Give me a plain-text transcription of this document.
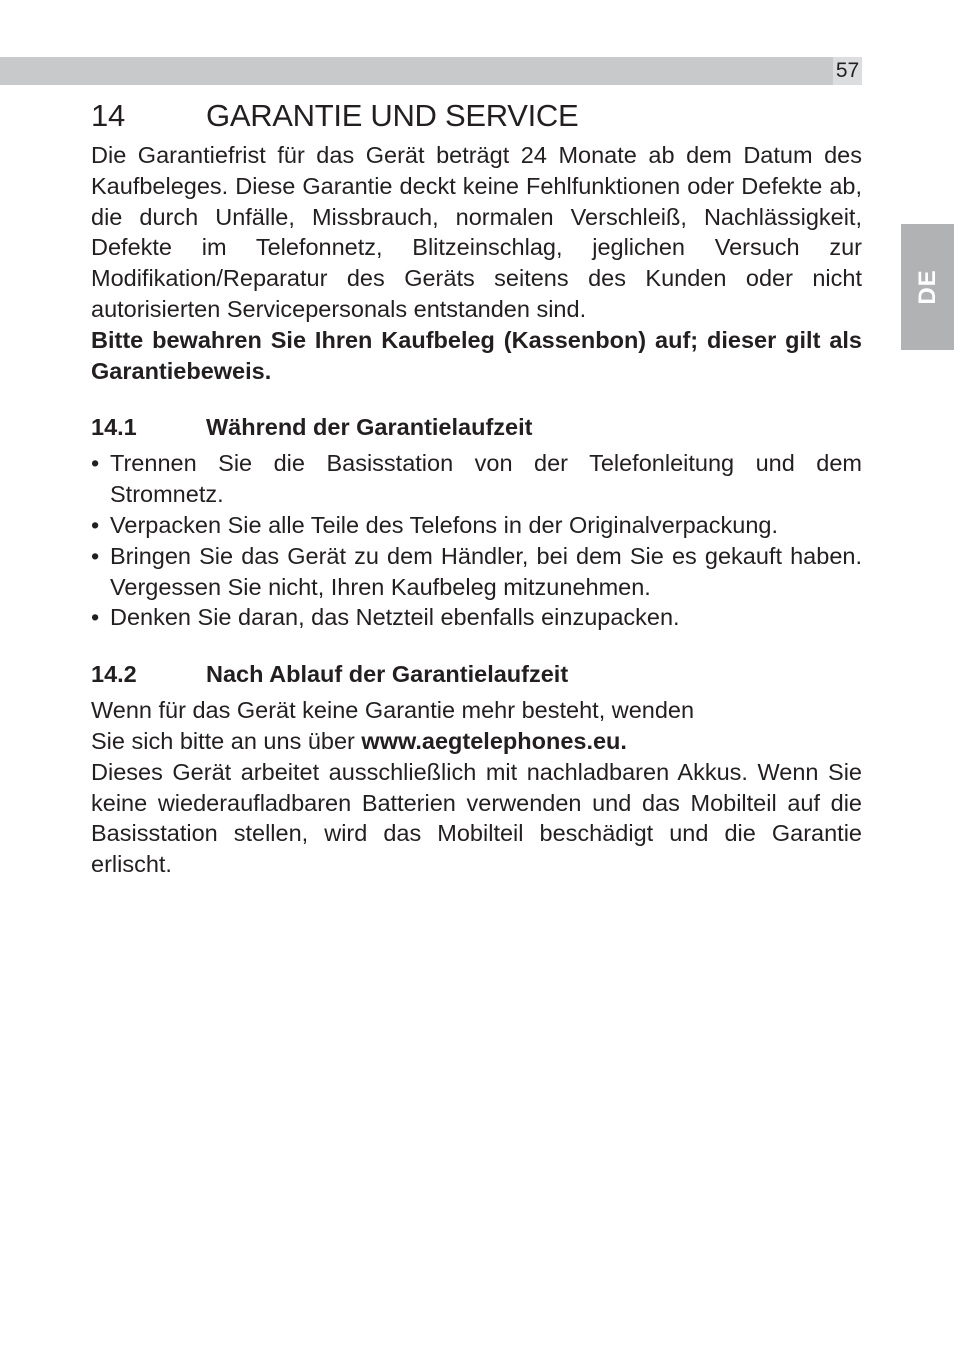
57
DE
14	GARANTIE UND SERVICE

Die Garantiefrist für das Gerät beträgt 24 Monate ab dem Datum des Kaufbeleges. Diese Garantie deckt keine Fehlfunktionen oder Defekte ab, die durch Unfälle, Missbrauch, normalen Verschleiß, Nachlässigkeit, Defekte im Telefonnetz, Blitzeinschlag, jeglichen Versuch zur Modifikation/Reparatur des Geräts seitens des Kunden oder nicht autorisierten Servicepersonals entstanden sind.

Bitte bewahren Sie Ihren Kaufbeleg (Kassenbon) auf; dieser gilt als Garantiebeweis.

14.1	Während der Garantielaufzeit
• Trennen Sie die Basisstation von der Telefonleitung und dem Stromnetz.
• Verpacken Sie alle Teile des Telefons in der Originalverpackung.
• Bringen Sie das Gerät zu dem Händler, bei dem Sie es gekauft haben. Vergessen Sie nicht, Ihren Kaufbeleg mitzunehmen.
• Denken Sie daran, das Netzteil ebenfalls einzupacken.
14.2	Nach Ablauf der Garantielaufzeit

Wenn für das Gerät keine Garantie mehr besteht, wenden
Sie sich bitte an uns über www.aegtelephones.eu.

Dieses Gerät arbeitet ausschließlich mit nachladbaren Akkus. Wenn Sie keine wiederaufladbaren Batterien verwenden und das Mobilteil auf die Basisstation stellen, wird das Mobilteil beschädigt und die Garantie erlischt.
